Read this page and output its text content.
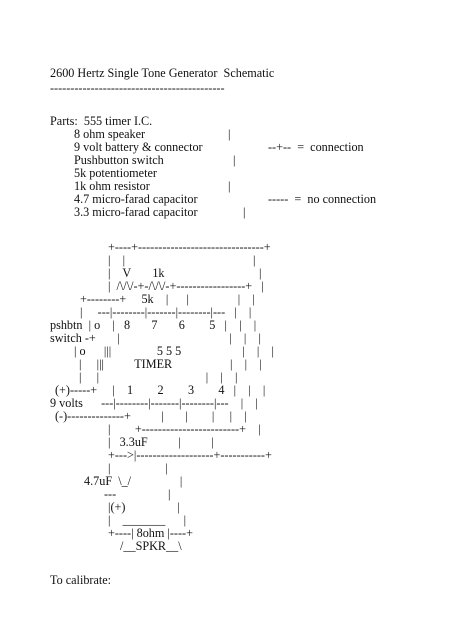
2600 Hertz Single Tone Generator  Schematic
-------------------------------------------
Parts:  555 timer I.C.
8 ohm speaker
9 volt battery & connector
Pushbutton switch
5k potentiometer
1k ohm resistor
4.7 micro-farad capacitor
3.3 micro-farad capacitor
|
--+--  =  connection
|
|
-----  =  no connection
|
+----+-------------------------------+
|    |                                          |
|    V       1k                               |
|  /\/\/-+-/\/\/-+-----------------+   |
+--------+     5k    |      |                |    |
|     ---|--------|-------|--------|---   |    |
pshbtn  | o    |   8       7       6        5   |    |    |
switch -+       |                                    |    |    |
| o      |||               5 5 5                    |    |    |
|     |||          TIMER                   |    |    |
|     |                                   |    |    |
(+)-----+     |    1        2        3        4   |    |    |
9 volts      ---|--------|-------|--------|---    |    |
(-)--------------+          |       |        |     |    |
|        +------------------------+    |
|   3.3uF          |          |
+--->|-------------------+-----------+
|                  |
4.7uF  \_/                |
---                 |
|(+)                 |
|    _______      |
+----| 8ohm |----+
/__SPKR__\
To calibrate:
